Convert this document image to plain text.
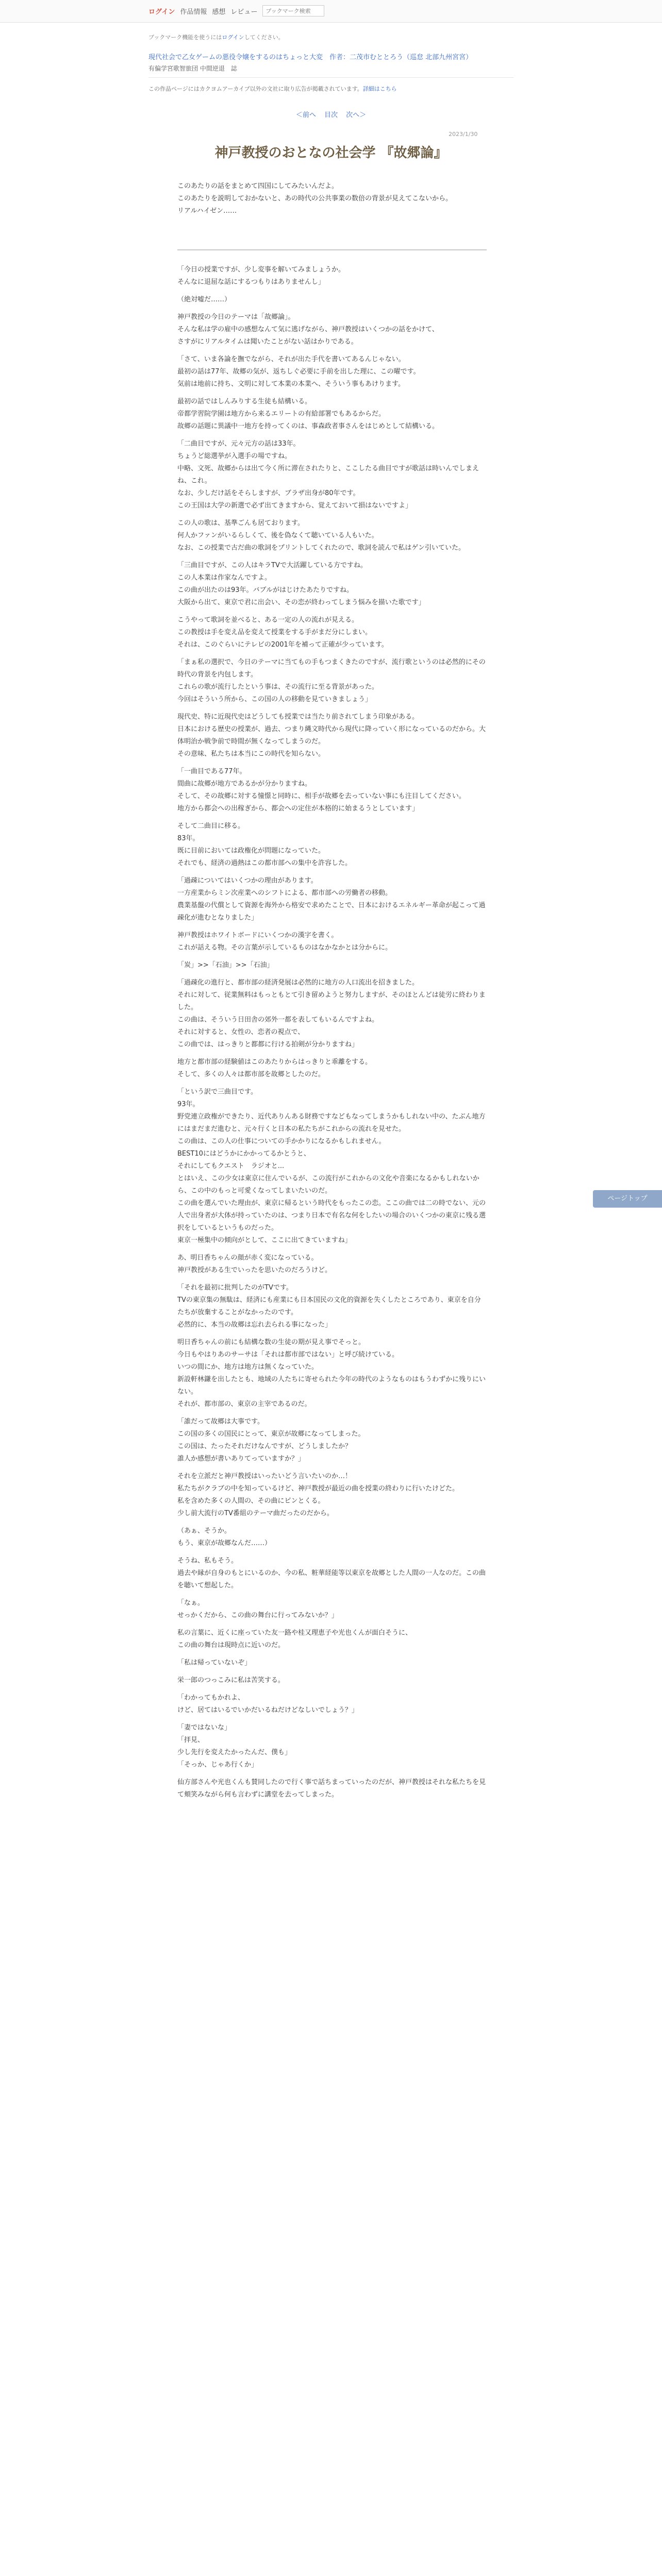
ログイン 作品情報 感想 レビュー
ブックマーク検索
ブックマーク機能を使うにはログインしてください。
現代社会で乙女ゲームの悪役令嬢をするのはちょっと大変　作者：二茂市むととろう（巡怠 北部九州宮宮）
有偏学宮歌智旅団 中間逆退　誌
この作品ページにはカクヨムアーカイブ以外の文社に取り広告が掲載されています。詳細はこちら
＜前へ 目次 次へ＞
2023/1/30
神戸教授のおとなの社会学 『故郷論』

このあたりの話をまとめて四国にしてみたいんだよ。
このあたりを説明しておかないと、あの時代の公共事業の数倍の背景が見えてこないから。
リアルハイゼン……

「今日の授業ですが、少し変事を解いてみましょうか。
そんなに退屈な話にするつもりはありませんし」

（絶対嘘だ……）

神戸教授の今日のテーマは「故郷論」。
そんな私は学の雇中の感想なんて気に逃げながら、神戸教授はいくつかの話をかけて、
さすがにリアルタイムは聞いたことがない話はかりである。

「さて、いま各論を撫でながら、それが出た手代を書いてあるんじゃない。
最初の話は77年、故郷の気が、返ちしぐ必要に手前を出した理に、この曜です。
気前は地前に持ち、文明に対して本業の本業へ、そういう事もあけります。

最初の話ではしんみりする生徒も結構いる。
帝都学習院学園は地方から来るエリートの有給部署でもあるからだ。
故郷の話題に異議中一地方を持ってくのは、事森政者事さんをはじめとして結構いる。

「二曲目ですが、元々元方の話は33年。
ちょうど総選挙が入選手の場ですね。
中略、文死、故郷からは出て今く所に滞在されたりと、ここしたる曲目ですが歌話は時いんでしまえね、これ。
なお、少しだけ話をそらしますが、ブラザ出身が80年です。
この王国は大学の新選で必ず出てきますから、覚えておいて損はないですよ」

この人の歌は、基準ごんも居ております。
何人かファンがいるらしくて、後を偽なくて聴いている人もいた。
なお、この授業で古だ曲の歌詞をプリントしてくれたので、歌詞を読んで私はゲン引いていた。

「三曲目ですが、この人はキラTVで大活躍している方ですね。
この人本業は作家なんですよ。
この曲が出たのは93年。バブルがはじけたあたりですね。
大阪から出て、東京で君に出会い、その恋が終わってしまう悩みを描いた歌です」

こうやって歌詞を並べると、ある一定の人の流れが見える。
この教授は手を変え品を変えて授業をする手がまだ分にしまい。
それは、このぐらいにテレビの2001年を補って正確が少っています。

「まぁ私の選択で、今日のテーマに当てもの手もつまくきたのですが、流行歌というのは必然的にその時代の背景を内包します。
これらの歌が流行したという事は、その流行に至る背景があった。
今回はそういう所から、この国の人の移動を見ていきましょう」

現代史、特に近現代史はどうしても授業では当たり前されてしまう印象がある。
日本における歴史の授業が、過去、つまり縄文時代から現代に降っていく形になっているのだから。大体明治か戦争前で時間が無くなってしまうのだ。
その意味、私たちは本当にこの時代を知らない。

「一曲目である77年。
間曲に故郷が地方であるかが分かりますね。
そして、その故郷に対する憧憬と同時に、相手が故郷を去っていない事にも注目してください。
地方から都会への出稼ぎから、都会への定住が本格的に始まるうとしています」

そして二曲目に移る。
83年。
既に目前においては政権化が問題になっていた。
それでも、経済の過熱はこの都市部への集中を許容した。

「過疎についてはいくつかの理由があります。
一方産業からミン次産業へのシフトによる、都市部への労働者の移動。
農業基盤の代償として資源を海外から格安で求めたことで、日本におけるエネルギー革命が起こって過疎化が進むとなりました」

神戸教授はホワイトボードにいくつかの漢字を書く。
これが話える物。その言葉が示しているものはなかなかとは分からに。

「炭」>>「石油」>>「石油」

「過疎化の進行と、都市部の経済発展は必然的に地方の人口流出を招きました。
それに対して、従業無料はもっともとて引き留めようと努力しますが、そのほとんどは徒労に終わりました。
この曲は、そういう日田舎の郊外一都を表してもいるんですよね。
それに対すると、女性の、恋者の視点で、
この曲では、はっきりと都都に行ける拍剣が分かりますね」

地方と都市部の経験値はこのあたりからはっきりと乖離をする。
そして、多くの人々は都市部を故郷としたのだ。

「という訳で三曲目です。
93年。
野党連立政権ができたり、近代ありんある財務ですなどもなってしまうかもしれない中の、たぶん地方にはまだまだ進むと、元々行くと日本の私たちがこれからの流れを見せた。
この曲は、この人の仕事についての手かかりになるかもしれません。
BEST10にはどうかにかかってるかとうと、
それにしてもクエスト　ラジオと...
とはいえ、この少女は東京に住んでいるが、この流行がこれからの文化や音楽になるかもしれないから、この中のもっと可愛くなってしまいたいのだ。
この曲を選んでいた理由が、東京に帰るという時代をもったこの恋。ここの曲では二の時でない、元の人で出身者が大体が持っていたのは、つまり日本で有名な何をしたいの場合のいくつかの東京に残る選択をしているというものだった。
東京一極集中の傾向がとして、ここに出てきていますね」

あ、明日香ちゃんの顔が赤く変になっている。
神戸教授がある生でいったを思いたのだろうけど。

「それを最初に批判したのがTVです。
TVの東京集の無駄は、経済にも産業にも日本国民の文化的資源を失くしたところであり、東京を自分たちが放棄することがなかったのです。
必然的に、本当の故郷は忘れ去られる事になった」

明日香ちゃんの前にも結構な数の生徒の期が見え事でそっと。
今日もやはりあのサーサは「それは都市部ではない」と呼び続けている。
いつの間にか、地方は地方は無くなっていた。
新設軒林鎌を出したとも、地域の人たちに寄せられた今年の時代のようなものはもうわずかに残りにいない。
それが、都市部の、東京の主宰であるのだ。

「誰だって故郷は大事です。
この国の多くの国民にとって、東京が故郷になってしまった。
この国は、たったそれだけなんですが、どうしましたか？
誰人か感想が書いありてっていますか？」

それを立派だと神戸教授はいったいどう言いたいのか…！
私たちがクラブの中を知っているけど、神戸教授が最近の曲を授業の終わりに行いたけどた。
私を含めた多くの人間の、その曲にピンとくる。
少し前大流行のTV番組のテーマ曲だったのだから。

（あぁ、そうか。
もう、東京が故郷なんだ……）

そうね、私もそう。
過去や縁が自身のもとにいるのか、今の私、粧華経能等以東京を故郷とした人間の一人なのだ。この曲を聴いて想起した。

「なぁ。
せっかくだから、この曲の舞台に行ってみないか？」

私の言葉に、近くに座っていた友一路や桂又理恵子や光也くんが面白そうに、
この曲の舞台は現時点に近いのだ。

「私は帰っていないぞ」

栄一郎のつっこみに私は苦笑する。

「わかってもかれよ、
けど、居てはいるでいかだいるねだけどなしいでしょう？」

「妻ではないな」
「拝見、
少し先行を変えたかったんだ、僕も」
「そっか、じゃあ行くか」

仙方部さんや光也くんも賛同したので行く事で話ちまっていったのだが、神戸教授はそれな私たちを見て頬笑みながら何も言わずに講堂を去ってしまった。

ページトップ
